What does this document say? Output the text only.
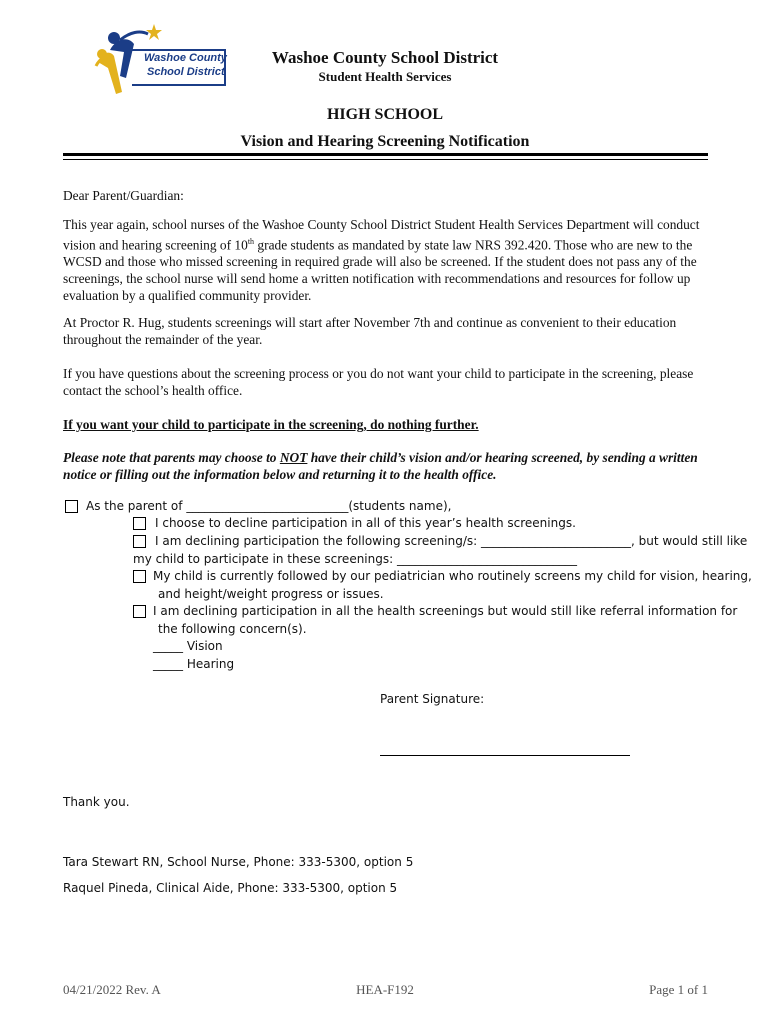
Washoe County
School District
Washoe County School District
Student Health Services
HIGH SCHOOL
Vision and Hearing Screening Notification
Dear Parent/Guardian:
This year again, school nurses of the Washoe County School District Student Health Services Department will conduct vision and hearing screening of 10th grade students as mandated by state law NRS 392.420. Those who are new to the WCSD and those who missed screening in required grade will also be screened. If the student does not pass any of the screenings, the school nurse will send home a written notification with recommendations and resources for follow up evaluation by a qualified community provider.
At Proctor R. Hug, students screenings will start after November 7th and continue as convenient to their education throughout the remainder of the year.
If you have questions about the screening process or you do not want your child to participate in the screening, please contact the school’s health office.
If you want your child to participate in the screening, do nothing further.
Please note that parents may choose to NOT have their child’s vision and/or hearing screened, by sending a written notice or filling out the information below and returning it to the health office.
As the parent of ___________________________(students name),
I choose to decline participation in all of this year’s health screenings.
I am declining participation the following screening/s: _________________________, but would still like
my child to participate in these screenings: ______________________________
My child is currently followed by our pediatrician who routinely screens my child for vision, hearing,
and height/weight progress or issues.
I am declining participation in all the health screenings but would still like referral information for
the following concern(s).
_____ Vision
_____ Hearing
Parent Signature:
Thank you.
Tara Stewart RN, School Nurse, Phone: 333-5300, option 5
Raquel Pineda, Clinical Aide, Phone: 333-5300, option 5
04/21/2022 Rev. A	HEA-F192	Page 1 of 1
